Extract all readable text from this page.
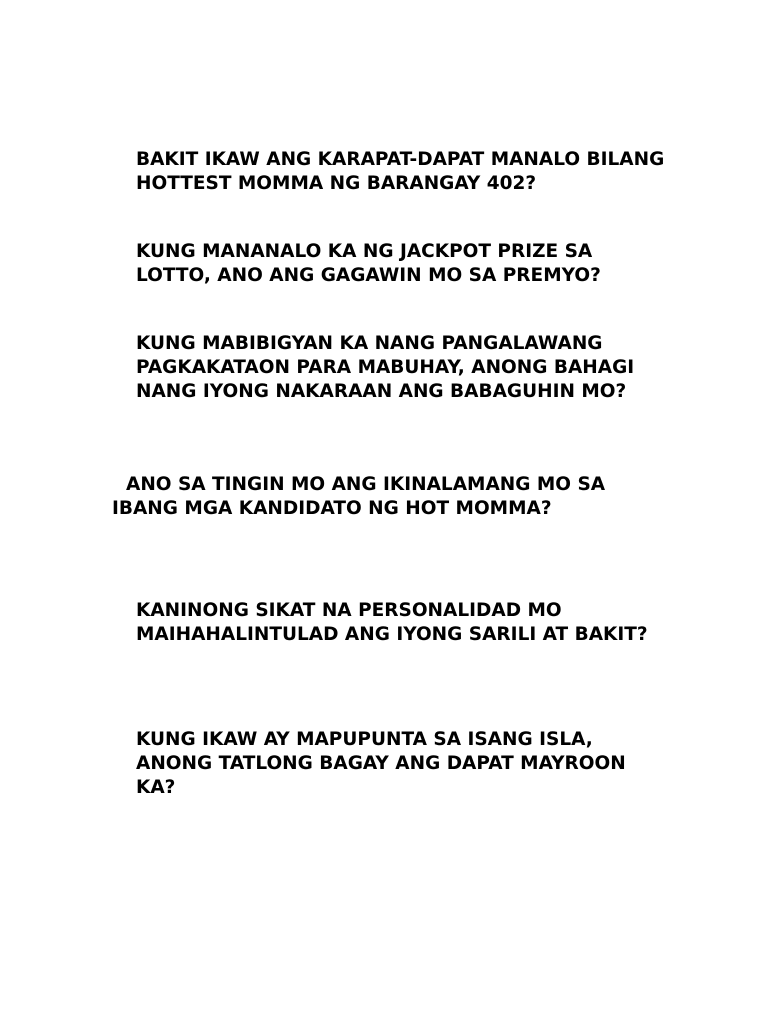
BAKIT IKAW ANG KARAPAT-DAPAT MANALO BILANG
HOTTEST MOMMA NG BARANGAY 402?

KUNG MANANALO KA NG JACKPOT PRIZE SA
LOTTO, ANO ANG GAGAWIN MO SA PREMYO?

KUNG MABIBIGYAN KA NANG PANGALAWANG
PAGKAKATAON PARA MABUHAY, ANONG BAHAGI
NANG IYONG NAKARAAN ANG BABAGUHIN MO?

ANO SA TINGIN MO ANG IKINALAMANG MO SA
IBANG MGA KANDIDATO NG HOT MOMMA?

KANINONG SIKAT NA PERSONALIDAD MO
MAIHAHALINTULAD ANG IYONG SARILI AT BAKIT?

KUNG IKAW AY MAPUPUNTA SA ISANG ISLA,
ANONG TATLONG BAGAY ANG DAPAT MAYROON
KA?
